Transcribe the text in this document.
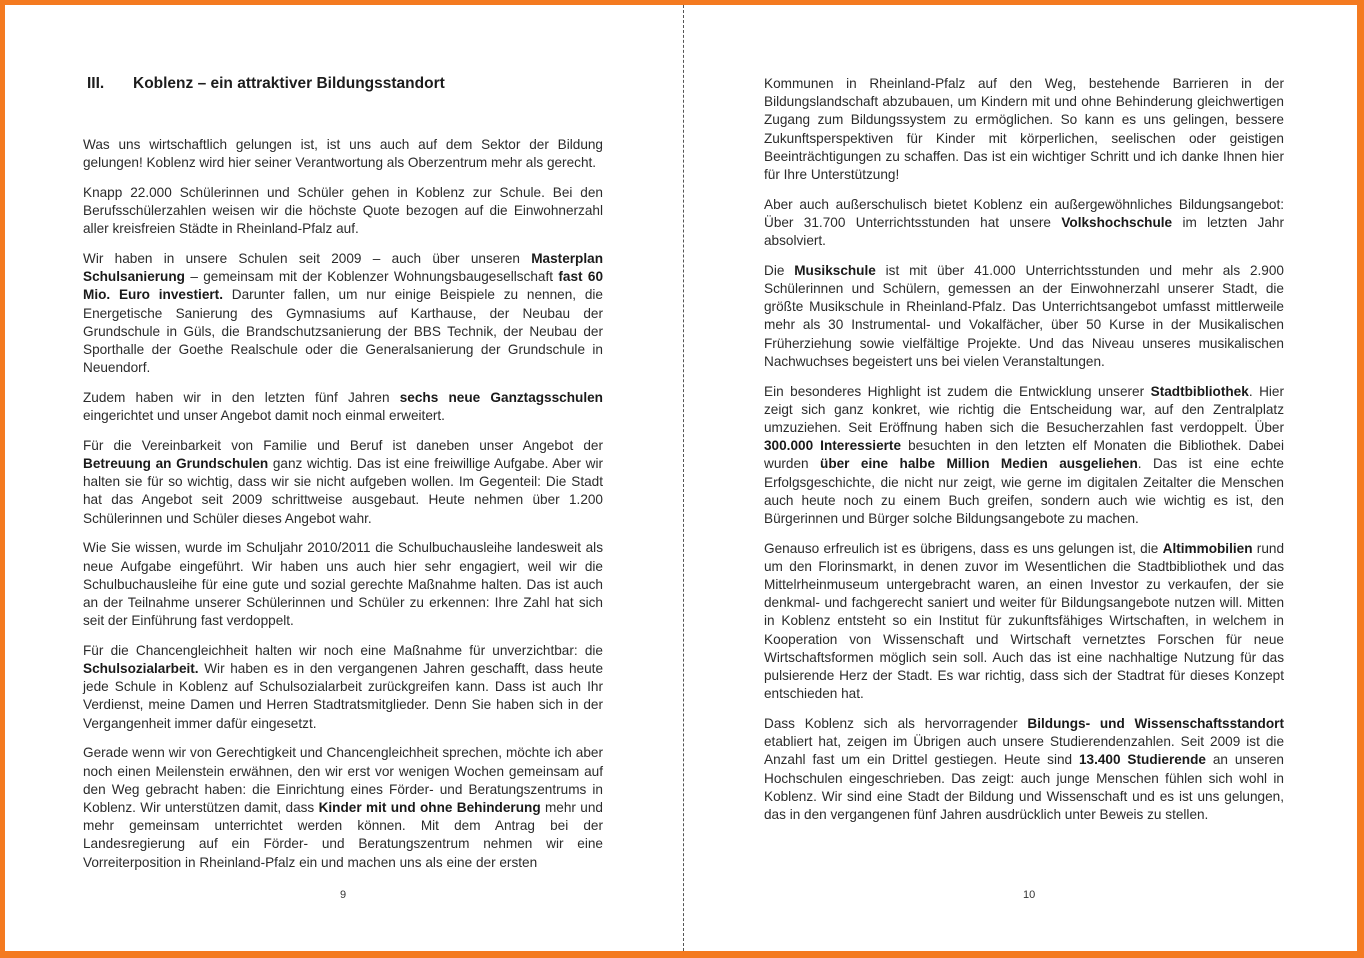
III. Koblenz – ein attraktiver Bildungsstandort

Was uns wirtschaftlich gelungen ist, ist uns auch auf dem Sektor der Bildung gelungen! Koblenz wird hier seiner Verantwortung als Oberzentrum mehr als gerecht.

Knapp 22.000 Schülerinnen und Schüler gehen in Koblenz zur Schule. Bei den Berufsschülerzahlen weisen wir die höchste Quote bezogen auf die Einwohnerzahl aller kreisfreien Städte in Rheinland-Pfalz auf.

Wir haben in unsere Schulen seit 2009 – auch über unseren Masterplan Schulsanierung – gemeinsam mit der Koblenzer Wohnungsbaugesellschaft fast 60 Mio. Euro investiert. Darunter fallen, um nur einige Beispiele zu nennen, die Energetische Sanierung des Gymnasiums auf Karthause, der Neubau der Grundschule in Güls, die Brandschutzsanierung der BBS Technik, der Neubau der Sporthalle der Goethe Realschule oder die Generalsanierung der Grundschule in Neuendorf.

Zudem haben wir in den letzten fünf Jahren sechs neue Ganztagsschulen eingerichtet und unser Angebot damit noch einmal erweitert.

Für die Vereinbarkeit von Familie und Beruf ist daneben unser Angebot der Betreuung an Grundschulen ganz wichtig. Das ist eine freiwillige Aufgabe. Aber wir halten sie für so wichtig, dass wir sie nicht aufgeben wollen. Im Gegenteil: Die Stadt hat das Angebot seit 2009 schrittweise ausgebaut. Heute nehmen über 1.200 Schülerinnen und Schüler dieses Angebot wahr.

Wie Sie wissen, wurde im Schuljahr 2010/2011 die Schulbuchausleihe landesweit als neue Aufgabe eingeführt. Wir haben uns auch hier sehr engagiert, weil wir die Schulbuchausleihe für eine gute und sozial gerechte Maßnahme halten. Das ist auch an der Teilnahme unserer Schülerinnen und Schüler zu erkennen: Ihre Zahl hat sich seit der Einführung fast verdoppelt.

Für die Chancengleichheit halten wir noch eine Maßnahme für unverzichtbar: die Schulsozialarbeit. Wir haben es in den vergangenen Jahren geschafft, dass heute jede Schule in Koblenz auf Schulsozialarbeit zurückgreifen kann. Dass ist auch Ihr Verdienst, meine Damen und Herren Stadtratsmitglieder. Denn Sie haben sich in der Vergangenheit immer dafür eingesetzt.

Gerade wenn wir von Gerechtigkeit und Chancengleichheit sprechen, möchte ich aber noch einen Meilenstein erwähnen, den wir erst vor wenigen Wochen gemeinsam auf den Weg gebracht haben: die Einrichtung eines Förder- und Beratungszentrums in Koblenz. Wir unterstützen damit, dass Kinder mit und ohne Behinderung mehr und mehr gemeinsam unterrichtet werden können. Mit dem Antrag bei der Landesregierung auf ein Förder- und Beratungszentrum nehmen wir eine Vorreiterposition in Rheinland-Pfalz ein und machen uns als eine der ersten

9

Kommunen in Rheinland-Pfalz auf den Weg, bestehende Barrieren in der Bildungslandschaft abzubauen, um Kindern mit und ohne Behinderung gleichwertigen Zugang zum Bildungssystem zu ermöglichen. So kann es uns gelingen, bessere Zukunftsperspektiven für Kinder mit körperlichen, seelischen oder geistigen Beeinträchtigungen zu schaffen. Das ist ein wichtiger Schritt und ich danke Ihnen hier für Ihre Unterstützung!

Aber auch außerschulisch bietet Koblenz ein außergewöhnliches Bildungsangebot: Über 31.700 Unterrichtsstunden hat unsere Volkshochschule im letzten Jahr absolviert.

Die Musikschule ist mit über 41.000 Unterrichtsstunden und mehr als 2.900 Schülerinnen und Schülern, gemessen an der Einwohnerzahl unserer Stadt, die größte Musikschule in Rheinland-Pfalz. Das Unterrichtsangebot umfasst mittlerweile mehr als 30 Instrumental- und Vokalfächer, über 50 Kurse in der Musikalischen Früherziehung sowie vielfältige Projekte. Und das Niveau unseres musikalischen Nachwuchses begeistert uns bei vielen Veranstaltungen.

Ein besonderes Highlight ist zudem die Entwicklung unserer Stadtbibliothek. Hier zeigt sich ganz konkret, wie richtig die Entscheidung war, auf den Zentralplatz umzuziehen. Seit Eröffnung haben sich die Besucherzahlen fast verdoppelt. Über 300.000 Interessierte besuchten in den letzten elf Monaten die Bibliothek. Dabei wurden über eine halbe Million Medien ausgeliehen. Das ist eine echte Erfolgsgeschichte, die nicht nur zeigt, wie gerne im digitalen Zeitalter die Menschen auch heute noch zu einem Buch greifen, sondern auch wie wichtig es ist, den Bürgerinnen und Bürger solche Bildungsangebote zu machen.

Genauso erfreulich ist es übrigens, dass es uns gelungen ist, die Altimmobilien rund um den Florinsmarkt, in denen zuvor im Wesentlichen die Stadtbibliothek und das Mittelrheinmuseum untergebracht waren, an einen Investor zu verkaufen, der sie denkmal- und fachgerecht saniert und weiter für Bildungsangebote nutzen will. Mitten in Koblenz entsteht so ein Institut für zukunftsfähiges Wirtschaften, in welchem in Kooperation von Wissenschaft und Wirtschaft vernetztes Forschen für neue Wirtschaftsformen möglich sein soll. Auch das ist eine nachhaltige Nutzung für das pulsierende Herz der Stadt. Es war richtig, dass sich der Stadtrat für dieses Konzept entschieden hat.

Dass Koblenz sich als hervorragender Bildungs- und Wissenschaftsstandort etabliert hat, zeigen im Übrigen auch unsere Studierendenzahlen. Seit 2009 ist die Anzahl fast um ein Drittel gestiegen. Heute sind 13.400 Studierende an unseren Hochschulen eingeschrieben. Das zeigt: auch junge Menschen fühlen sich wohl in Koblenz. Wir sind eine Stadt der Bildung und Wissenschaft und es ist uns gelungen, das in den vergangenen fünf Jahren ausdrücklich unter Beweis zu stellen.

10
